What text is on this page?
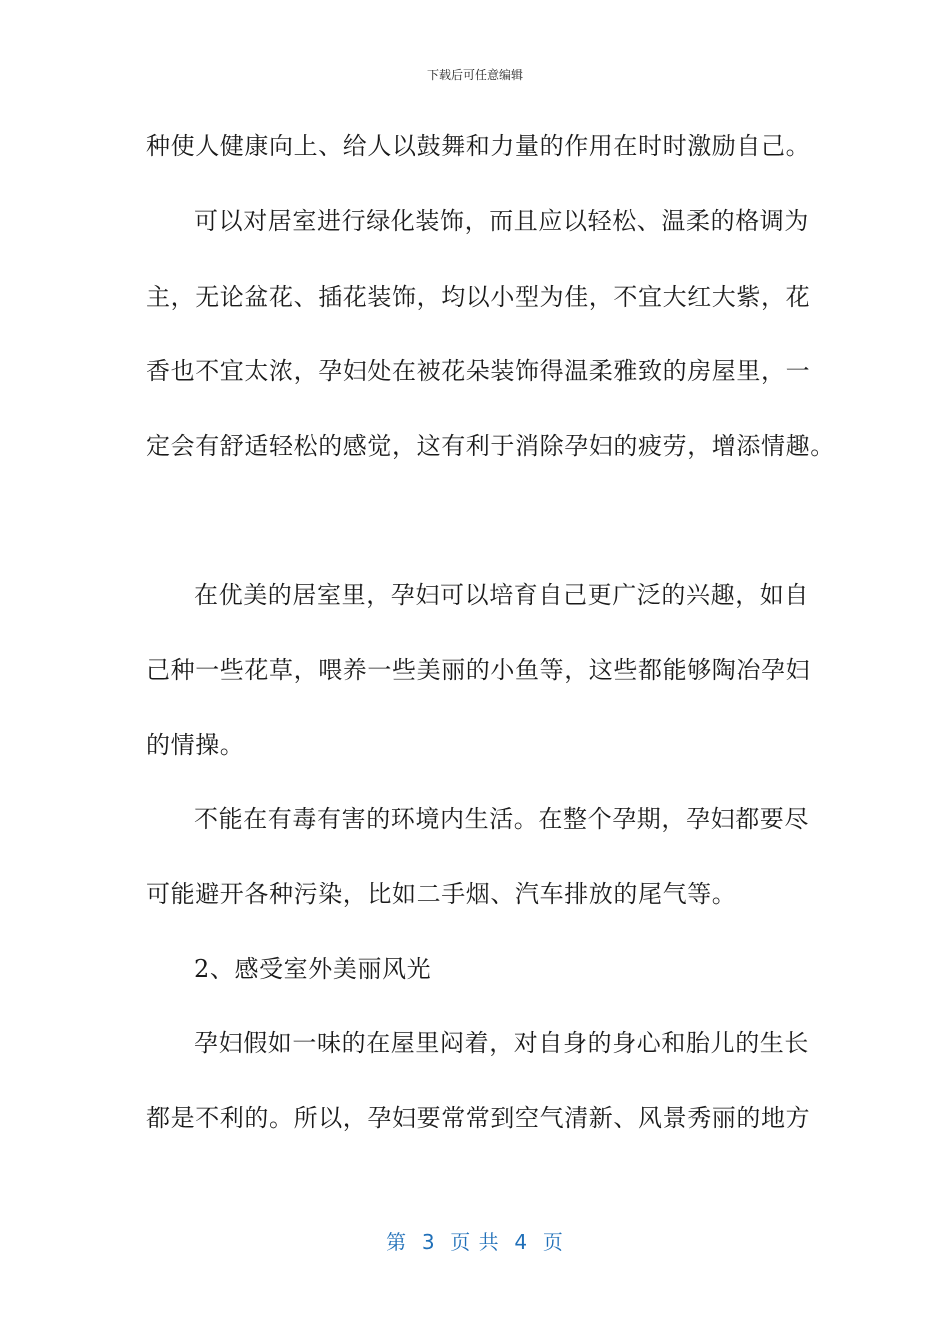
下载后可任意编辑
种使人健康向上、给人以鼓舞和力量的作用在时时激励自己。
可以对居室进行绿化装饰，而且应以轻松、温柔的格调为
主，无论盆花、插花装饰，均以小型为佳，不宜大红大紫，花
香也不宜太浓，孕妇处在被花朵装饰得温柔雅致的房屋里，一
定会有舒适轻松的感觉，这有利于消除孕妇的疲劳，增添情趣。
在优美的居室里，孕妇可以培育自己更广泛的兴趣，如自
己种一些花草，喂养一些美丽的小鱼等，这些都能够陶冶孕妇
的情操。
不能在有毒有害的环境内生活。在整个孕期，孕妇都要尽
可能避开各种污染，比如二手烟、汽车排放的尾气等。
2、感受室外美丽风光
孕妇假如一味的在屋里闷着，对自身的身心和胎儿的生长
都是不利的。所以，孕妇要常常到空气清新、风景秀丽的地方
第  3  页 共  4  页
